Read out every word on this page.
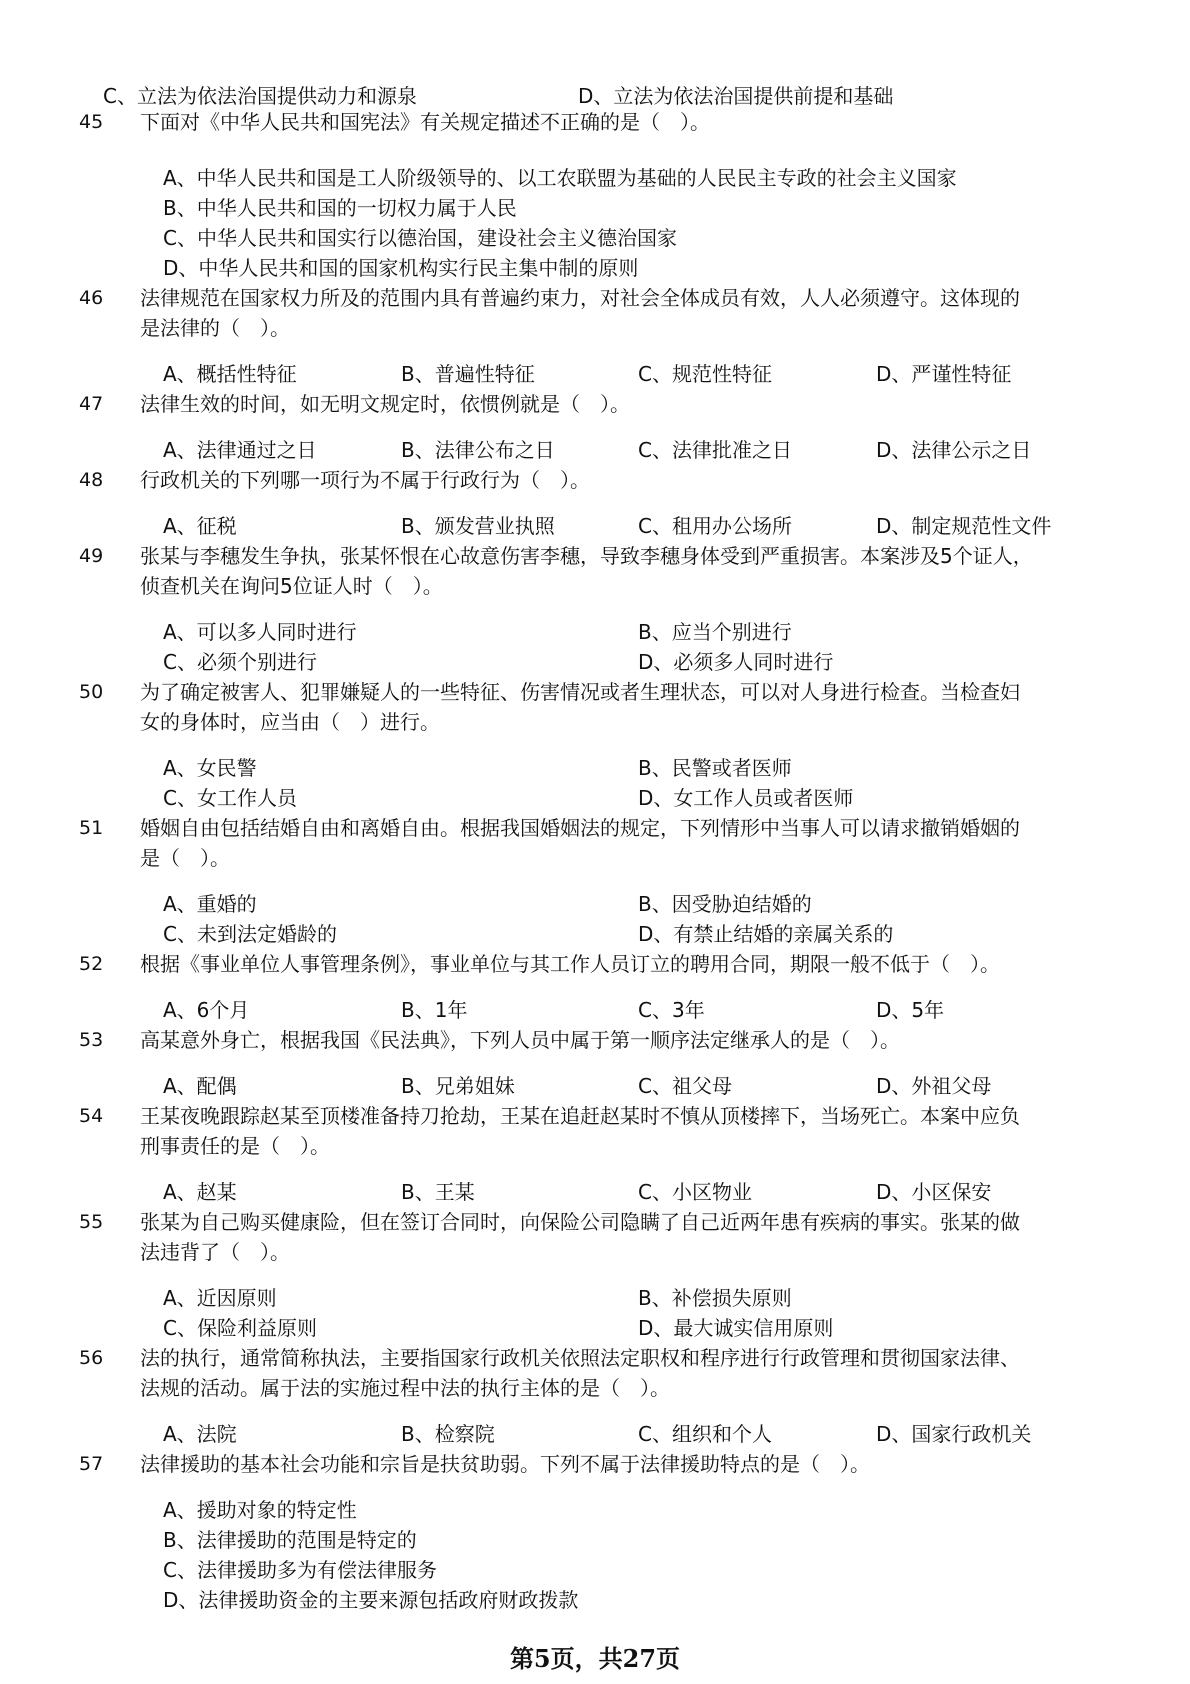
C、立法为依法治国提供动力和源泉	D、立法为依法治国提供前提和基础
45 下面对《中华人民共和国宪法》有关规定描述不正确的是（　）。
A、中华人民共和国是工人阶级领导的、以工农联盟为基础的人民民主专政的社会主义国家
B、中华人民共和国的一切权力属于人民
C、中华人民共和国实行以德治国，建设社会主义德治国家
D、中华人民共和国的国家机构实行民主集中制的原则
46 法律规范在国家权力所及的范围内具有普遍约束力，对社会全体成员有效，人人必须遵守。这体现的
是法律的（　）。
A、概括性特征	B、普遍性特征	C、规范性特征	D、严谨性特征
47 法律生效的时间，如无明文规定时，依惯例就是（　）。
A、法律通过之日	B、法律公布之日	C、法律批准之日	D、法律公示之日
48 行政机关的下列哪一项行为不属于行政行为（　）。
A、征税	B、颁发营业执照	C、租用办公场所	D、制定规范性文件
49 张某与李穗发生争执，张某怀恨在心故意伤害李穗，导致李穗身体受到严重损害。本案涉及5个证人，
侦查机关在询问5位证人时（　）。
A、可以多人同时进行	B、应当个别进行
C、必须个别进行	D、必须多人同时进行
50 为了确定被害人、犯罪嫌疑人的一些特征、伤害情况或者生理状态，可以对人身进行检查。当检查妇
女的身体时，应当由（　）进行。
A、女民警	B、民警或者医师
C、女工作人员	D、女工作人员或者医师
51 婚姻自由包括结婚自由和离婚自由。根据我国婚姻法的规定，下列情形中当事人可以请求撤销婚姻的
是（　）。
A、重婚的	B、因受胁迫结婚的
C、未到法定婚龄的	D、有禁止结婚的亲属关系的
52 根据《事业单位人事管理条例》，事业单位与其工作人员订立的聘用合同，期限一般不低于（　）。
A、6个月	B、1年	C、3年	D、5年
53 高某意外身亡，根据我国《民法典》，下列人员中属于第一顺序法定继承人的是（　）。
A、配偶	B、兄弟姐妹	C、祖父母	D、外祖父母
54 王某夜晚跟踪赵某至顶楼准备持刀抢劫，王某在追赶赵某时不慎从顶楼摔下，当场死亡。本案中应负
刑事责任的是（　）。
A、赵某	B、王某	C、小区物业	D、小区保安
55 张某为自己购买健康险，但在签订合同时，向保险公司隐瞒了自己近两年患有疾病的事实。张某的做
法违背了（　）。
A、近因原则	B、补偿损失原则
C、保险利益原则	D、最大诚实信用原则
56 法的执行，通常简称执法，主要指国家行政机关依照法定职权和程序进行行政管理和贯彻国家法律、
法规的活动。属于法的实施过程中法的执行主体的是（　）。
A、法院	B、检察院	C、组织和个人	D、国家行政机关
57 法律援助的基本社会功能和宗旨是扶贫助弱。下列不属于法律援助特点的是（　）。
A、援助对象的特定性
B、法律援助的范围是特定的
C、法律援助多为有偿法律服务
D、法律援助资金的主要来源包括政府财政拨款
第5页，共27页
